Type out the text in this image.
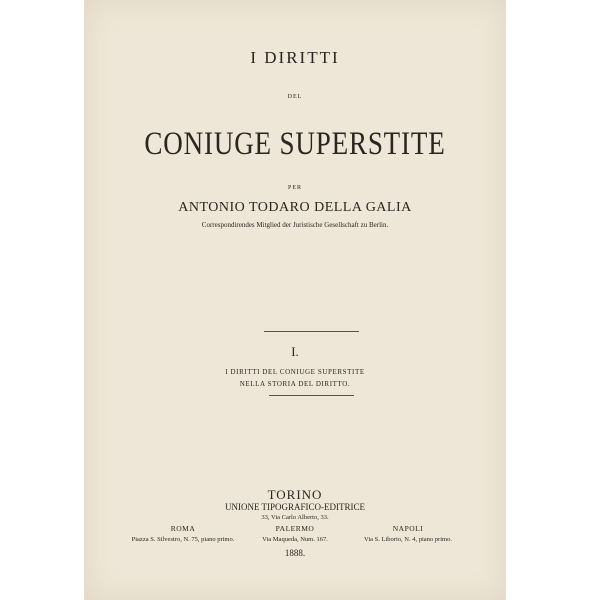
I DIRITTI
DEL
CONIUGE SUPERSTITE
PER
ANTONIO TODARO DELLA GALIA
Correspondirendes Mitglied der Juristische Gesellschaft zu Berlin.
I.
I DIRITTI DEL CONIUGE SUPERSTITE
NELLA STORIA DEL DIRITTO.
TORINO
UNIONE TIPOGRAFICO-EDITRICE
33, Via Carlo Alberto, 33.
ROMA
Piazza S. Silvestro, N. 75, piano primo.
PALERMO
Via Maqueda, Num. 167.
NAPOLI
Via S. Liborio, N. 4, piano primo.
1888.
